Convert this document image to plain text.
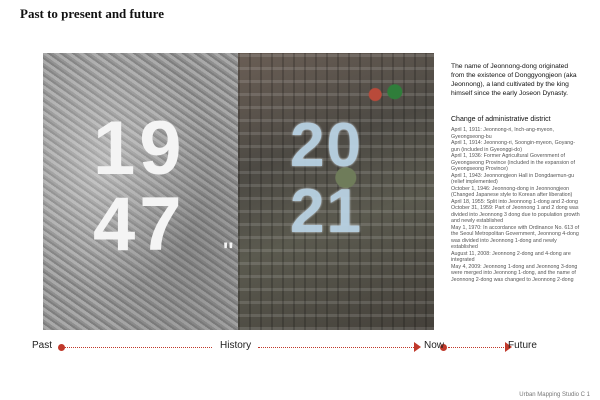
Past to present and future
19
47 ''
20
21
The name of Jeonnong-dong originated from the existence of Donggyongjeon (aka Jeonnong), a land cultivated by the king himself since the early Joseon Dynasty.
Change of administrative district
April 1, 1911: Jeonnong-ri, Inch-ang-myeon, Gyeongseong-bu
April 1, 1914: Jeonnong-ri, Soongin-myeon, Goyang-gun (included in Gyeonggi-do)
April 1, 1936: Former Agricultural Government of Gyeongseong Province (included in the expansion of Gyeongseong Province)
April 1, 1943: Jeonnongjeon Hall in Dongdaemun-gu (relief implemented)
October 1, 1946: Jeonnong-dong in Jeonnongjeon (Changed Japanese style to Korean after liberation)
April 18, 1955: Split into Jeonnong 1-dong and 2-dong
October 31, 1959: Part of Jeonnong 1 and 2 dong was divided into Jeonnong 3 dong due to population growth and newly established
May 1, 1970: In accordance with Ordinance No. 613 of the Seoul Metropolitan Government, Jeonnong 4-dong was divided into Jeonnong 1-dong and newly established
August 11, 2008: Jeonnong 2-dong and 4-dong are integrated
May 4, 2009: Jeonnong 1-dong and Jeonnong 3-dong were merged into Jeonnong 1-dong, and the name of Jeonnong 2-dong was changed to Jeonnong 2-dong
Past	History	Now	Future
Urban Mapping Studio C 1
